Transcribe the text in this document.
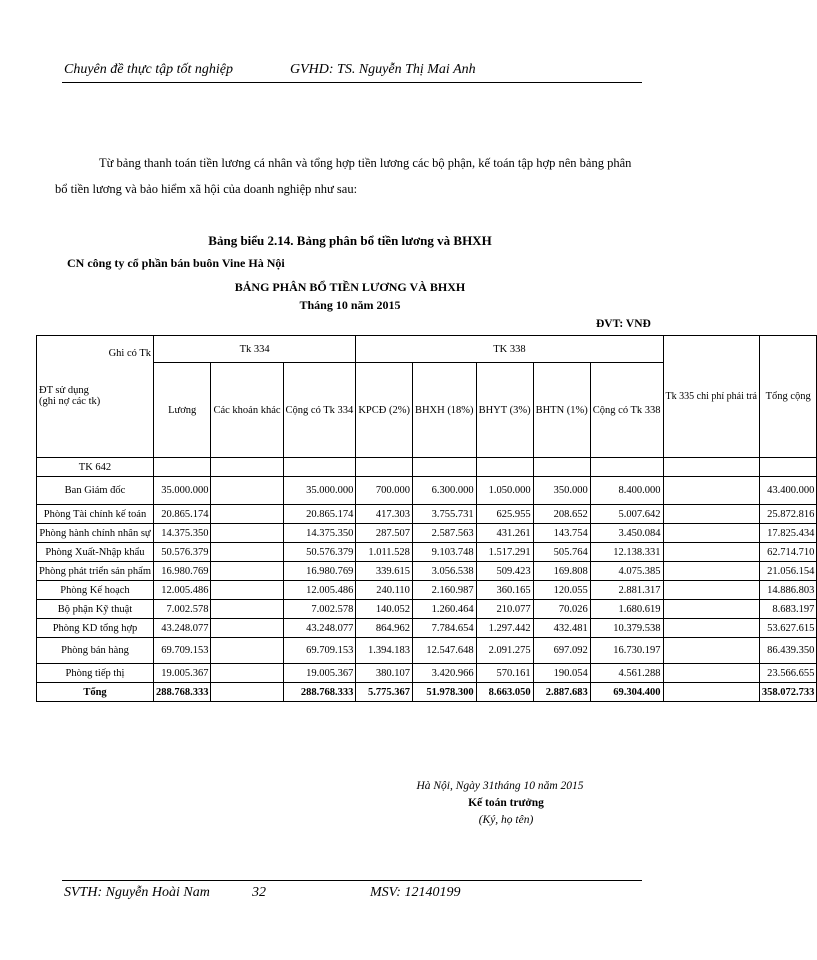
Chuyên đề thực tập tốt nghiệp	GVHD: TS. Nguyễn Thị Mai Anh
Từ bảng thanh toán tiền lương cá nhân và tổng hợp tiền lương các bộ phận, kế toán tập hợp nên bảng phân bổ tiền lương và bảo hiểm xã hội của doanh nghiệp như sau:
Bảng biểu 2.14. Bảng phân bổ tiền lương và BHXH
CN công ty cổ phần bán buôn Vine Hà Nội
BẢNG PHÂN BỔ TIỀN LƯƠNG VÀ BHXH
Tháng 10 năm 2015
ĐVT: VNĐ
Ghi có Tk
ĐT sử dụng
(ghi nợ các tk)	Tk 334			TK 338					Tk 335 chi phí phải trả	Tổng cộng
	Lương	Các khoản khác	Cộng có Tk 334	KPCĐ (2%)	BHXH (18%)	BHYT (3%)	BHTN (1%)	Cộng có Tk 338		
TK 642										
Ban Giám đốc	35.000.000		35.000.000	700.000	6.300.000	1.050.000	350.000	8.400.000		43.400.000
Phòng Tài chính kế toán	20.865.174		20.865.174	417.303	3.755.731	625.955	208.652	5.007.642		25.872.816
Phòng hành chính nhân sự	14.375.350		14.375.350	287.507	2.587.563	431.261	143.754	3.450.084		17.825.434
Phòng Xuất-Nhập khẩu	50.576.379		50.576.379	1.011.528	9.103.748	1.517.291	505.764	12.138.331		62.714.710
Phòng phát triển sản phẩm	16.980.769		16.980.769	339.615	3.056.538	509.423	169.808	4.075.385		21.056.154
Phòng Kế hoạch	12.005.486		12.005.486	240.110	2.160.987	360.165	120.055	2.881.317		14.886.803
Bộ phận Kỹ thuật	7.002.578		7.002.578	140.052	1.260.464	210.077	70.026	1.680.619		8.683.197
Phòng KD tổng hợp	43.248.077		43.248.077	864.962	7.784.654	1.297.442	432.481	10.379.538		53.627.615
Phòng bán hàng	69.709.153		69.709.153	1.394.183	12.547.648	2.091.275	697.092	16.730.197		86.439.350
Phòng tiếp thị	19.005.367		19.005.367	380.107	3.420.966	570.161	190.054	4.561.288		23.566.655
Tổng	288.768.333		288.768.333	5.775.367	51.978.300	8.663.050	2.887.683	69.304.400		358.072.733
Hà Nội, Ngày 31tháng 10 năm 2015
Kế toán trưởng
(Ký, họ tên)
SVTH: Nguyễn Hoài Nam	32	MSV: 12140199
